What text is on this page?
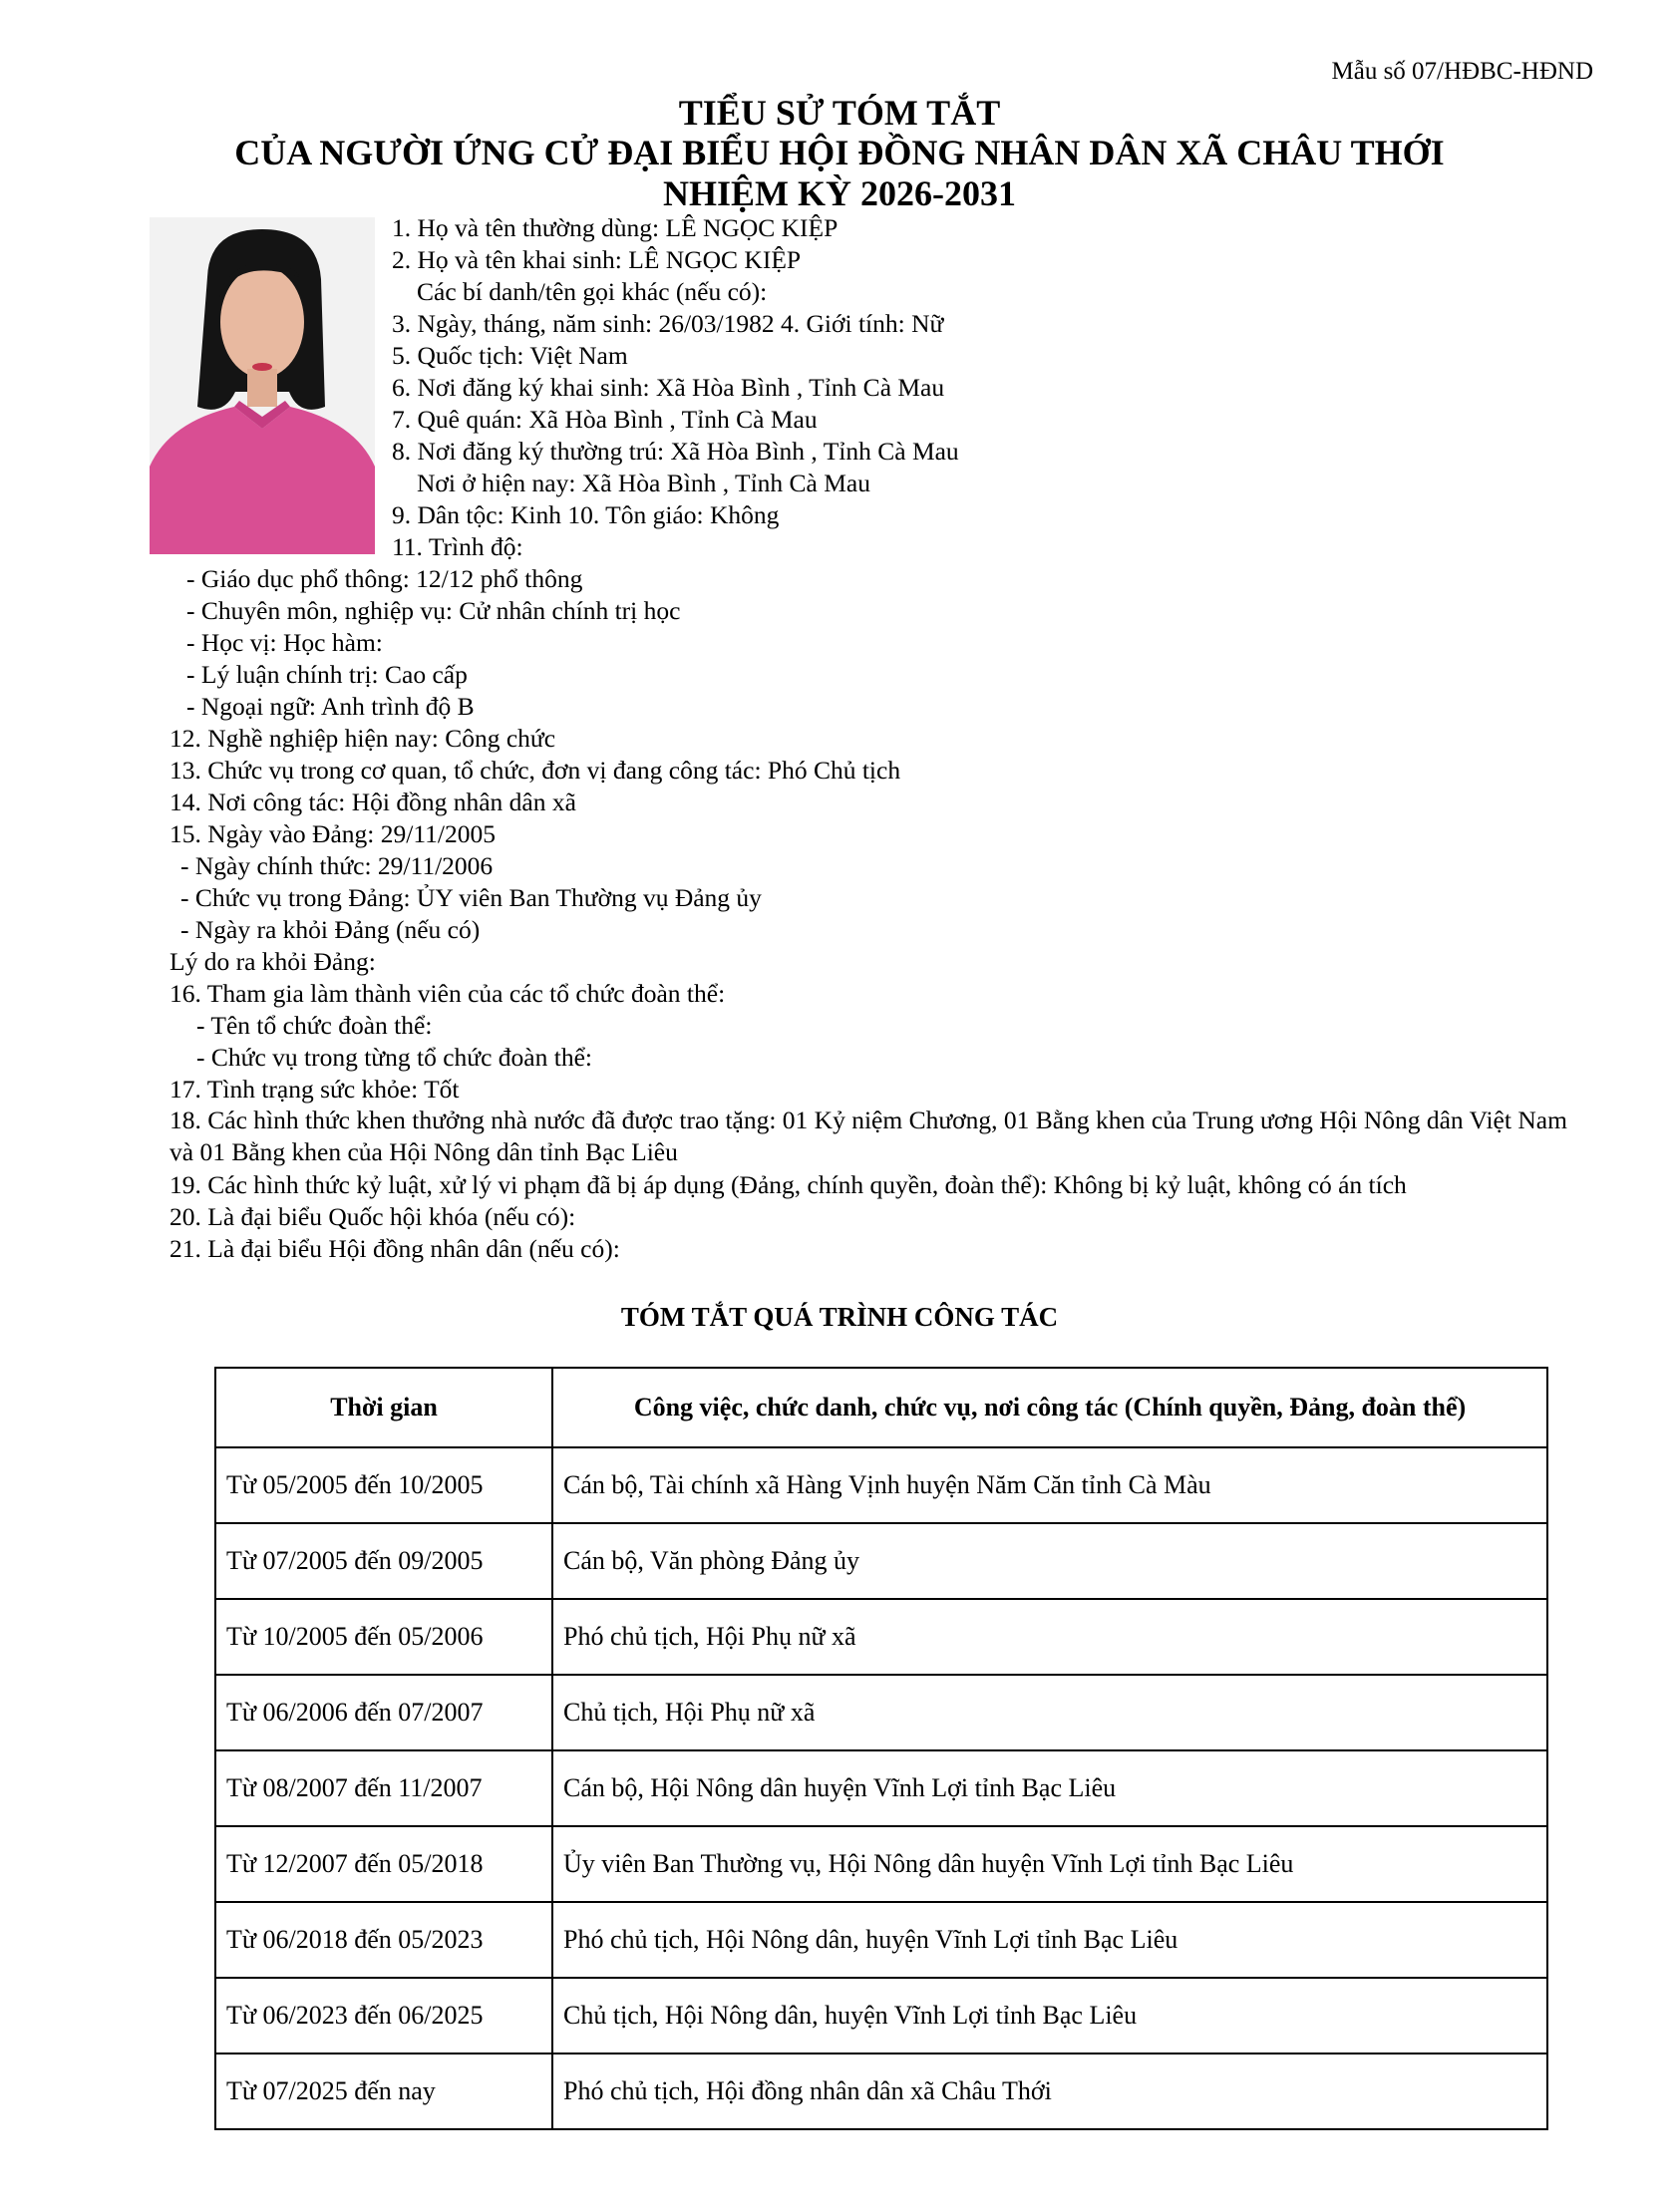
Mẫu số 07/HĐBC-HĐND
TIỂU SỬ TÓM TẮT
CỦA NGƯỜI ỨNG CỬ ĐẠI BIỂU HỘI ĐỒNG NHÂN DÂN XÃ CHÂU THỚI
NHIỆM KỲ 2026-2031
1. Họ và tên thường dùng: LÊ NGỌC KIỆP
2. Họ và tên khai sinh: LÊ NGỌC KIỆP
Các bí danh/tên gọi khác (nếu có):
3. Ngày, tháng, năm sinh: 26/03/1982 4. Giới tính: Nữ
5. Quốc tịch: Việt Nam
6. Nơi đăng ký khai sinh: Xã Hòa Bình , Tỉnh Cà Mau
7. Quê quán: Xã Hòa Bình , Tỉnh Cà Mau
8. Nơi đăng ký thường trú: Xã Hòa Bình , Tỉnh Cà Mau
Nơi ở hiện nay: Xã Hòa Bình , Tỉnh Cà Mau
9. Dân tộc: Kinh 10. Tôn giáo: Không
11. Trình độ:
- Giáo dục phổ thông: 12/12 phổ thông
- Chuyên môn, nghiệp vụ: Cử nhân chính trị học
- Học vị: Học hàm:
- Lý luận chính trị: Cao cấp
- Ngoại ngữ: Anh trình độ B
12. Nghề nghiệp hiện nay: Công chức
13. Chức vụ trong cơ quan, tổ chức, đơn vị đang công tác: Phó Chủ tịch
14. Nơi công tác: Hội đồng nhân dân xã
15. Ngày vào Đảng: 29/11/2005
- Ngày chính thức: 29/11/2006
- Chức vụ trong Đảng: ỦY viên Ban Thường vụ Đảng ủy
- Ngày ra khỏi Đảng (nếu có)
Lý do ra khỏi Đảng:
16. Tham gia làm thành viên của các tổ chức đoàn thể:
- Tên tổ chức đoàn thể:
- Chức vụ trong từng tổ chức đoàn thể:
17. Tình trạng sức khỏe: Tốt
18. Các hình thức khen thưởng nhà nước đã được trao tặng: 01 Kỷ niệm Chương, 01 Bằng khen của Trung ương Hội Nông dân Việt Nam và 01 Bằng khen của Hội Nông dân tỉnh Bạc Liêu
19. Các hình thức kỷ luật, xử lý vi phạm đã bị áp dụng (Đảng, chính quyền, đoàn thể): Không bị kỷ luật, không có án tích
20. Là đại biểu Quốc hội khóa (nếu có):
21. Là đại biểu Hội đồng nhân dân (nếu có):
TÓM TẮT QUÁ TRÌNH CÔNG TÁC
Thời gian	Công việc, chức danh, chức vụ, nơi công tác (Chính quyền, Đảng, đoàn thể)
Từ 05/2005 đến 10/2005	Cán bộ, Tài chính xã Hàng Vịnh huyện Năm Căn tỉnh Cà Màu
Từ 07/2005 đến 09/2005	Cán bộ, Văn phòng Đảng ủy
Từ 10/2005 đến 05/2006	Phó chủ tịch, Hội Phụ nữ xã
Từ 06/2006 đến 07/2007	Chủ tịch, Hội Phụ nữ xã
Từ 08/2007 đến 11/2007	Cán bộ, Hội Nông dân huyện Vĩnh Lợi tỉnh Bạc Liêu
Từ 12/2007 đến 05/2018	Ủy viên Ban Thường vụ, Hội Nông dân huyện Vĩnh Lợi tỉnh Bạc Liêu
Từ 06/2018 đến 05/2023	Phó chủ tịch, Hội Nông dân, huyện Vĩnh Lợi tỉnh Bạc Liêu
Từ 06/2023 đến 06/2025	Chủ tịch, Hội Nông dân, huyện Vĩnh Lợi tỉnh Bạc Liêu
Từ 07/2025 đến nay	Phó chủ tịch, Hội đồng nhân dân xã Châu Thới
